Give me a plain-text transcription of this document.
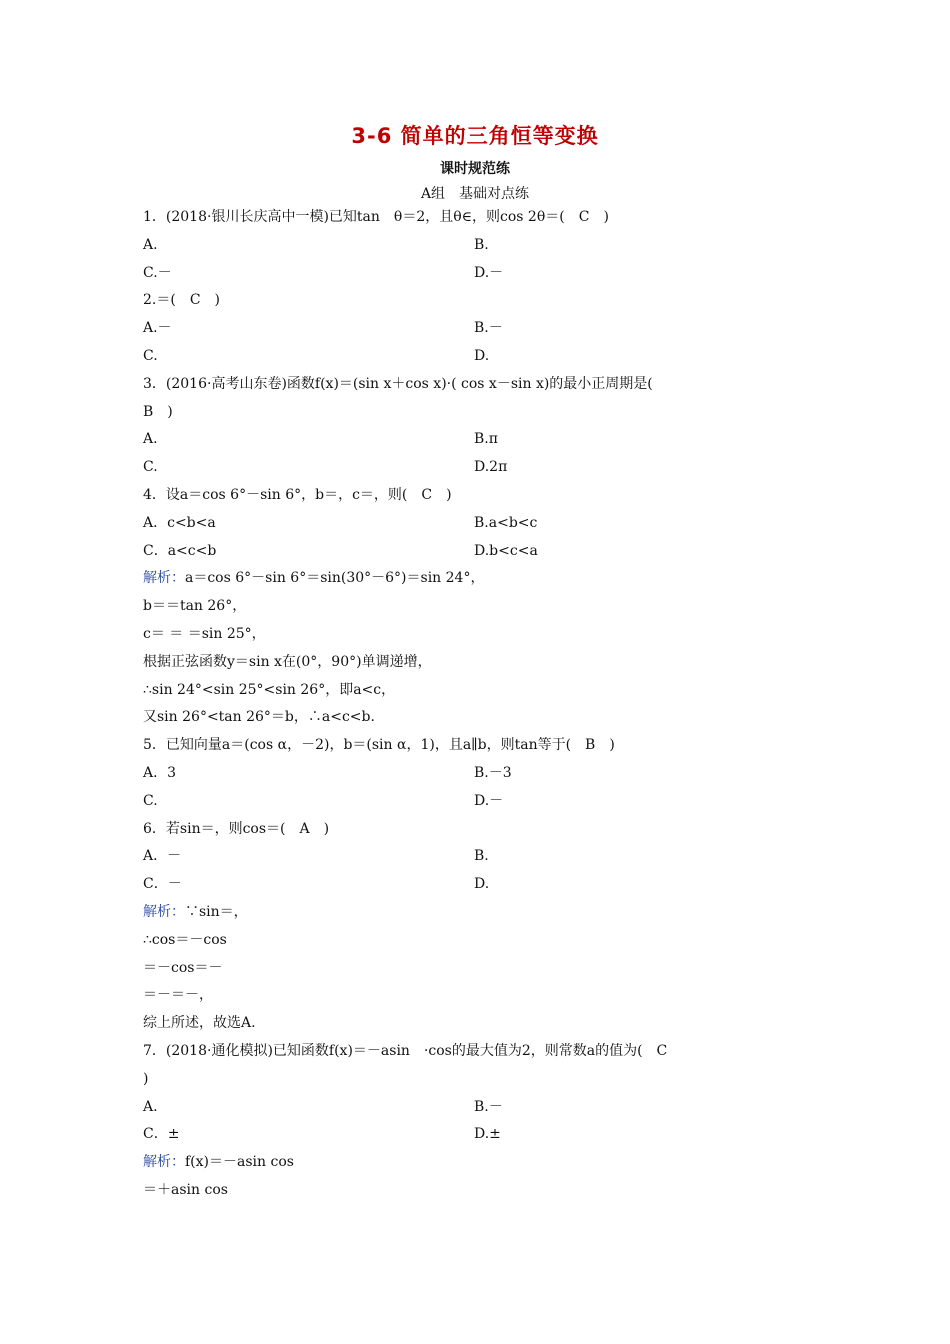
3-6 简单的三角恒等变换
课时规范练
A组　基础对点练
1．(2018·银川长庆高中一模)已知tan　θ＝2，且θ∈，则cos 2θ＝(　C　)
A.	B.
C.－	D.－
2.＝(　C　)
A.－	B.－
C.	D.
3．(2016·高考山东卷)函数f(x)＝(sin x＋cos x)·( cos x－sin x)的最小正周期是(
B　)
A.	B.π
C.	D.2π
4．设a＝cos 6°－sin 6°，b＝，c＝，则(　C　)
A．c<b<a	B.a<b<c
C．a<c<b	D.b<c<a
解析：a＝cos 6°－sin 6°＝sin(30°－6°)＝sin 24°，
b＝＝tan 26°，
c＝ ＝ ＝sin 25°，
根据正弦函数y＝sin x在(0°，90°)单调递增，
∴sin 24°<sin 25°<sin 26°，即a<c，
又sin 26°<tan 26°＝b，∴a<c<b.
5．已知向量a＝(cos α，－2)，b＝(sin α，1)，且a∥b，则tan等于(　B　)
A．3	B.－3
C.	D.－
6．若sin＝，则cos＝(　A　)
A．－	B.
C．－	D.
解析：∵sin＝，
∴cos＝－cos
＝－cos＝－
＝－＝－，
综上所述，故选A.
7．(2018·通化模拟)已知函数f(x)＝－asin　·cos的最大值为2，则常数a的值为(　C
)
A.	B.－
C．±	D.±
解析：f(x)＝－asin cos
＝＋asin cos
